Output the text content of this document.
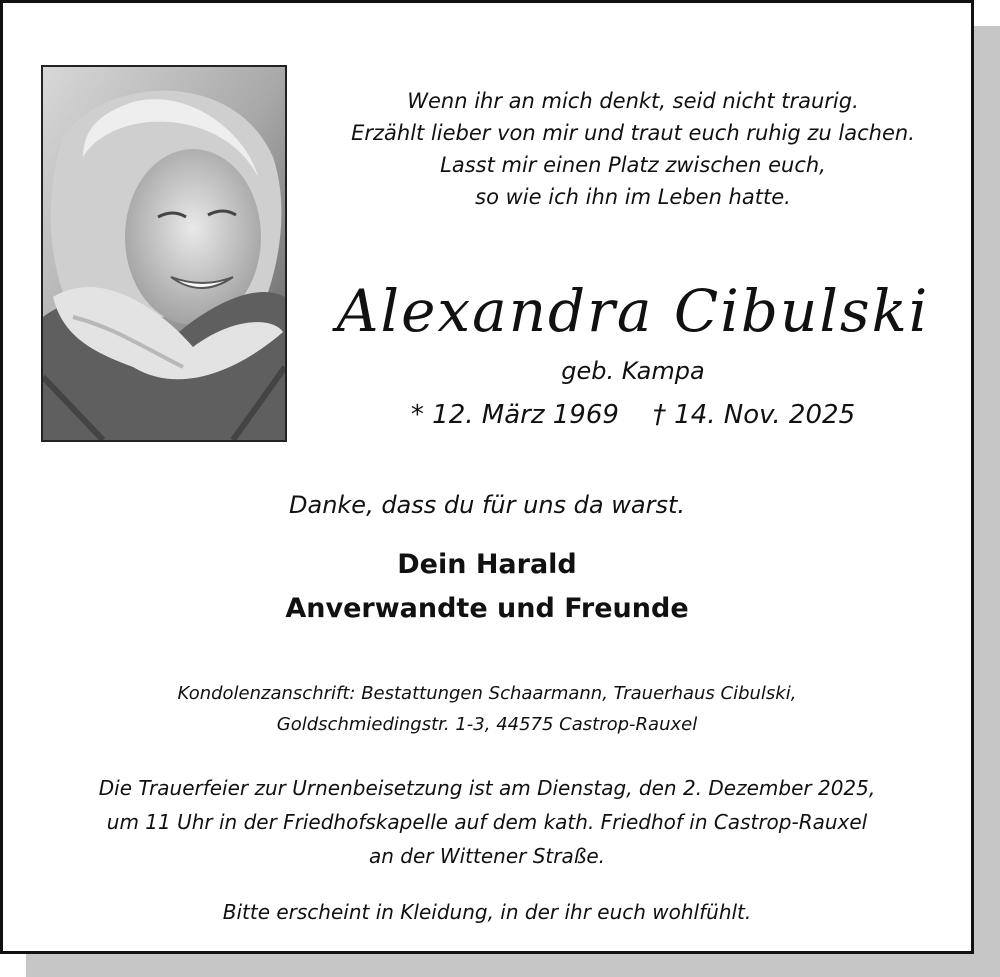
Wenn ihr an mich denkt, seid nicht traurig.
Erzählt lieber von mir und traut euch ruhig zu lachen.
Lasst mir einen Platz zwischen euch,
so wie ich ihn im Leben hatte.
Alexandra Cibulski
geb. Kampa
* 12. März 1969 † 14. Nov. 2025
Danke, dass du für uns da warst.
Dein Harald
Anverwandte und Freunde
Kondolenzanschrift: Bestattungen Schaarmann, Trauerhaus Cibulski,
Goldschmiedingstr. 1-3, 44575 Castrop-Rauxel
Die Trauerfeier zur Urnenbeisetzung ist am Dienstag, den 2. Dezember 2025,
um 11 Uhr in der Friedhofskapelle auf dem kath. Friedhof in Castrop-Rauxel
an der Wittener Straße.
Bitte erscheint in Kleidung, in der ihr euch wohlfühlt.
